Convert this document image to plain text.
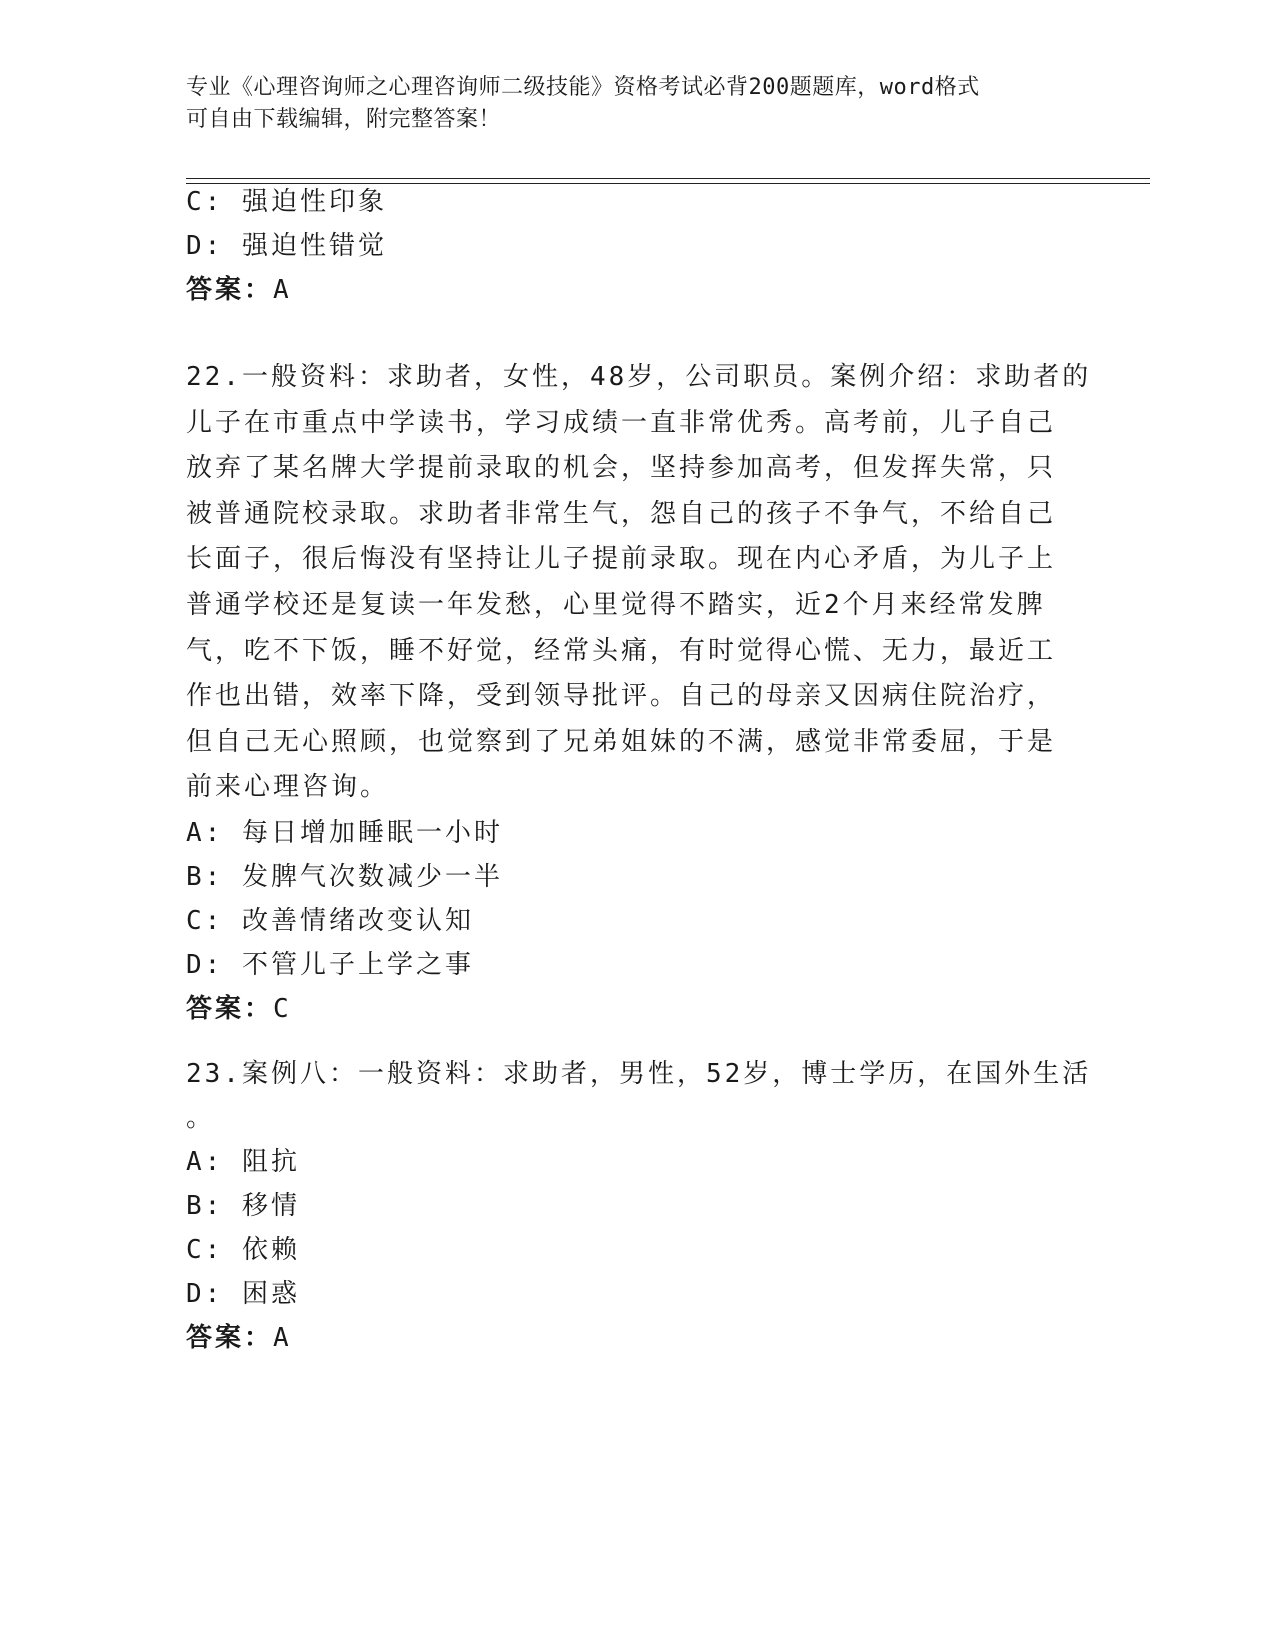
专业《心理咨询师之心理咨询师二级技能》资格考试必背200题题库，word格式
可自由下载编辑，附完整答案！
C: 强迫性印象
D: 强迫性错觉
答案：A
22.一般资料：求助者，女性，48岁，公司职员。案例介绍：求助者的
儿子在市重点中学读书，学习成绩一直非常优秀。高考前，儿子自己
放弃了某名牌大学提前录取的机会，坚持参加高考，但发挥失常，只
被普通院校录取。求助者非常生气，怨自己的孩子不争气，不给自己
长面子，很后悔没有坚持让儿子提前录取。现在内心矛盾，为儿子上
普通学校还是复读一年发愁，心里觉得不踏实，近2个月来经常发脾
气，吃不下饭，睡不好觉，经常头痛，有时觉得心慌、无力，最近工
作也出错，效率下降，受到领导批评。自己的母亲又因病住院治疗，
但自己无心照顾，也觉察到了兄弟姐妹的不满，感觉非常委屈，于是
前来心理咨询。
A: 每日增加睡眠一小时
B: 发脾气次数减少一半
C: 改善情绪改变认知
D: 不管儿子上学之事
答案：C
23.案例八：一般资料：求助者，男性，52岁，博士学历，在国外生活
。
A: 阻抗
B: 移情
C: 依赖
D: 困惑
答案：A
